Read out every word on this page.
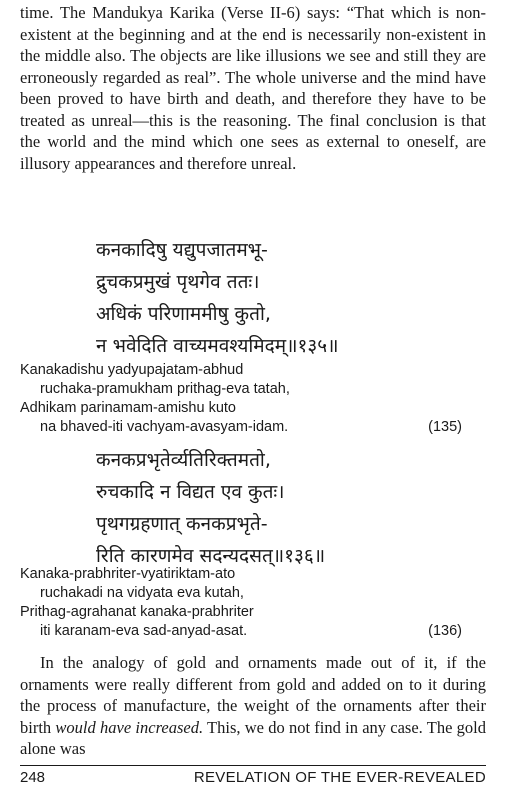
time. The Mandukya Karika (Verse II-6) says: “That which is non-existent at the beginning and at the end is necessarily non-existent in the middle also. The objects are like illusions we see and still they are erroneously regarded as real”. The whole universe and the mind have been proved to have birth and death, and therefore they have to be treated as unreal—this is the reasoning. The final conclusion is that the world and the mind which one sees as external to oneself, are illusory appearances and therefore unreal.

कनकादिषु यद्युपजातमभू-
द्रुचकप्रमुखं पृथगेव ततः।
अधिकं परिणाममीषु कुतो,
न भवेदिति वाच्यमवश्यमिदम्॥१३५॥
Kanakadishu yadyupajatam-abhud
ruchaka-pramukham prithag-eva tatah,
Adhikam parinamam-amishu kuto
na bhaved-iti vachyam-avasyam-idam.	(135)
कनकप्रभृतेर्व्यतिरिक्तमतो,
रुचकादि न विद्यत एव कुतः।
पृथगग्रहणात् कनकप्रभृते-
रिति कारणमेव सदन्यदसत्॥१३६॥
Kanaka-prabhriter-vyatiriktam-ato
ruchakadi na vidyata eva kutah,
Prithag-agrahanat kanaka-prabhriter
iti karanam-eva sad-anyad-asat.	(136)

In the analogy of gold and ornaments made out of it, if the ornaments were really different from gold and added on to it during the process of manufacture, the weight of the ornaments after their birth would have increased. This, we do not find in any case. The gold alone was

248	REVELATION OF THE EVER-REVEALED
